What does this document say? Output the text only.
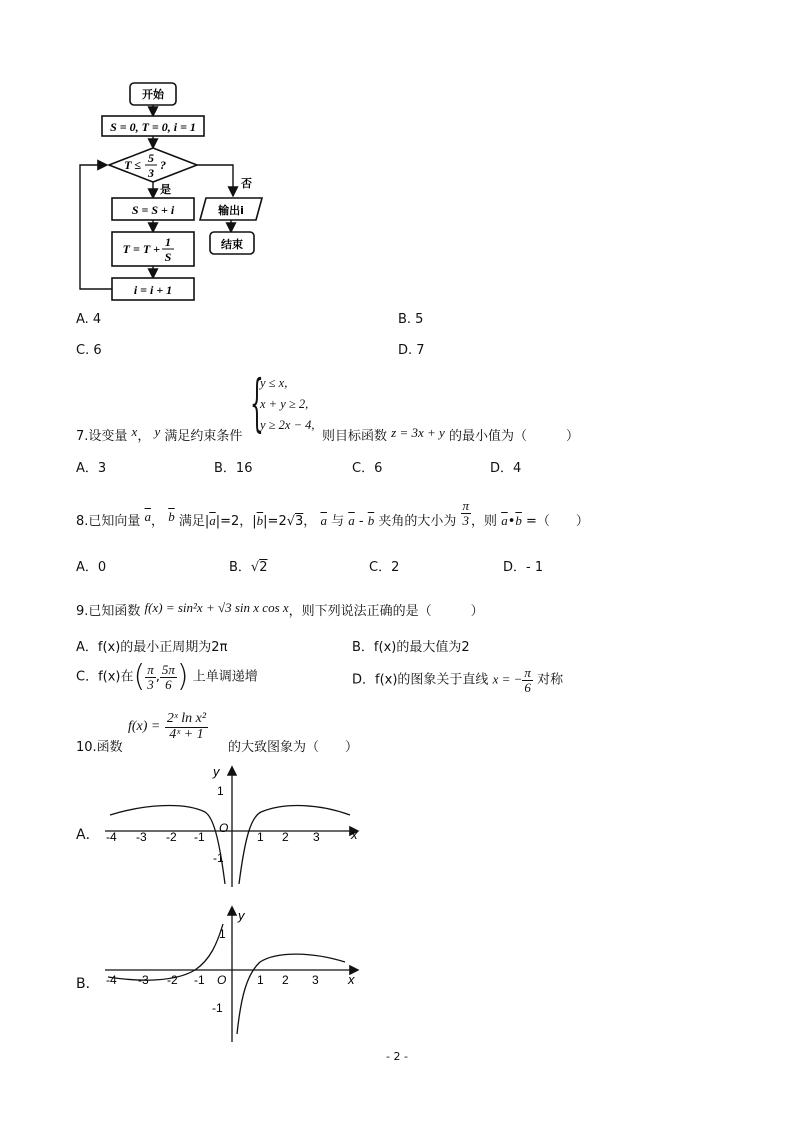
开始
S = 0, T = 0, i = 1
T ≤ 5
3
?
是	否
S = S + i
T = T + 1
S
i = i + 1
输出i
结束
A. 4	B. 5
C. 6	D. 7
7.设变量 x， y 满足约束条件 {
y ≤ x,
x + y ≥ 2,
y ≥ 2x − 4,
则目标函数 z = 3x + y 的最小值为（　　　）
A．3	B．16	C．6	D．4
8.已知向量 $\overline{a}$， $\overline{b}$ 满足$|\overline{a}|=2$，$|\overline{b}|=2√3$， $\overline{a}$ 与 $\overline{a} - \overline{b}$ 夹角的大小为 $\frac{\pi}{3}$ ，则 $\overline{a}•\overline{b}$ =（　　）
A．0	B．√2	C．2	D．- 1
9.已知函数 f(x) = sin²x + √3 sin x cos x，则下列说法正确的是（　　　）
A．f(x)的最小正周期为2π	B．f(x)的最大值为2
C．f(x)在( $\frac{\pi}{3}$ , $\frac{5\pi}{6}$ ) 上单调递增	D．f(x)的图象关于直线 x = − $\frac{\pi}{6}$ 对称
10.函数
$f(x) = \frac{\text{2ˣ ln x²}}{\text{4ˣ + 1}}$
的大致图象为（　　）
A．
y
x
O
-4 -3 -2 -1	1 2 3
1
-1
B．
y
x
O
-4 -3 -2 -1	1 2 3
1
-1
- 2 -
